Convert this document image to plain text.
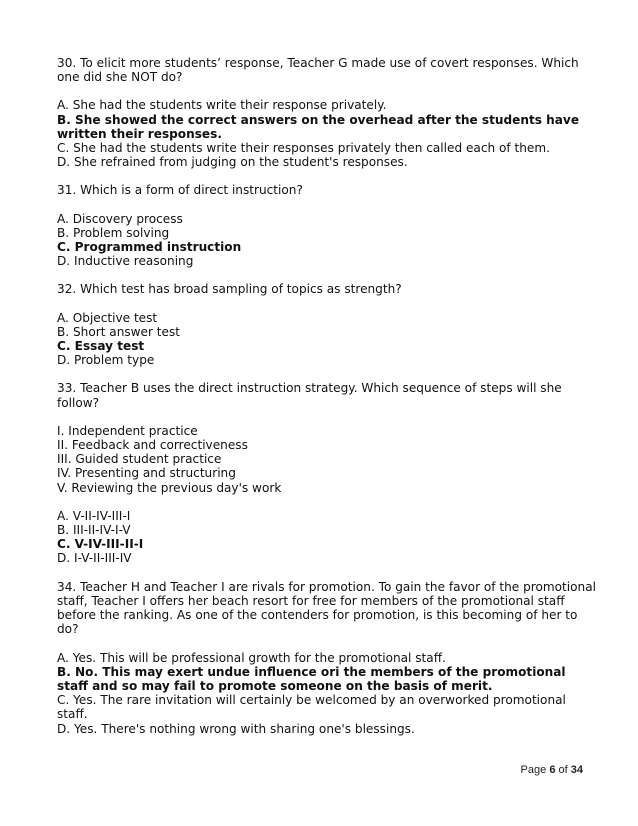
30. To elicit more students’ response, Teacher G made use of covert responses. Which one did she NOT do?

A. She had the students write their response privately.
B. She showed the correct answers on the overhead after the students have written their responses.
C. She had the students write their responses privately then called each of them.
D. She refrained from judging on the student's responses.

31. Which is a form of direct instruction?

A. Discovery process
B. Problem solving
C. Programmed instruction
D. Inductive reasoning

32. Which test has broad sampling of topics as strength?

A. Objective test
B. Short answer test
C. Essay test
D. Problem type

33. Teacher B uses the direct instruction strategy. Which sequence of steps will she follow?

I. Independent practice
II. Feedback and correctiveness
III. Guided student practice
IV. Presenting and structuring
V. Reviewing the previous day's work
A. V-II-IV-III-I
B. III-II-IV-I-V
C. V-IV-III-II-I
D. I-V-II-III-IV

34. Teacher H and Teacher I are rivals for promotion. To gain the favor of the promotional staff, Teacher I offers her beach resort for free for members of the promotional staff before the ranking. As one of the contenders for promotion, is this becoming of her to do?

A. Yes. This will be professional growth for the promotional staff.
B. No. This may exert undue influence ori the members of the promotional staff and so may fail to promote someone on the basis of merit.
C. Yes. The rare invitation will certainly be welcomed by an overworked promotional staff.
D. Yes. There's nothing wrong with sharing one's blessings.
Page 6 of 34
